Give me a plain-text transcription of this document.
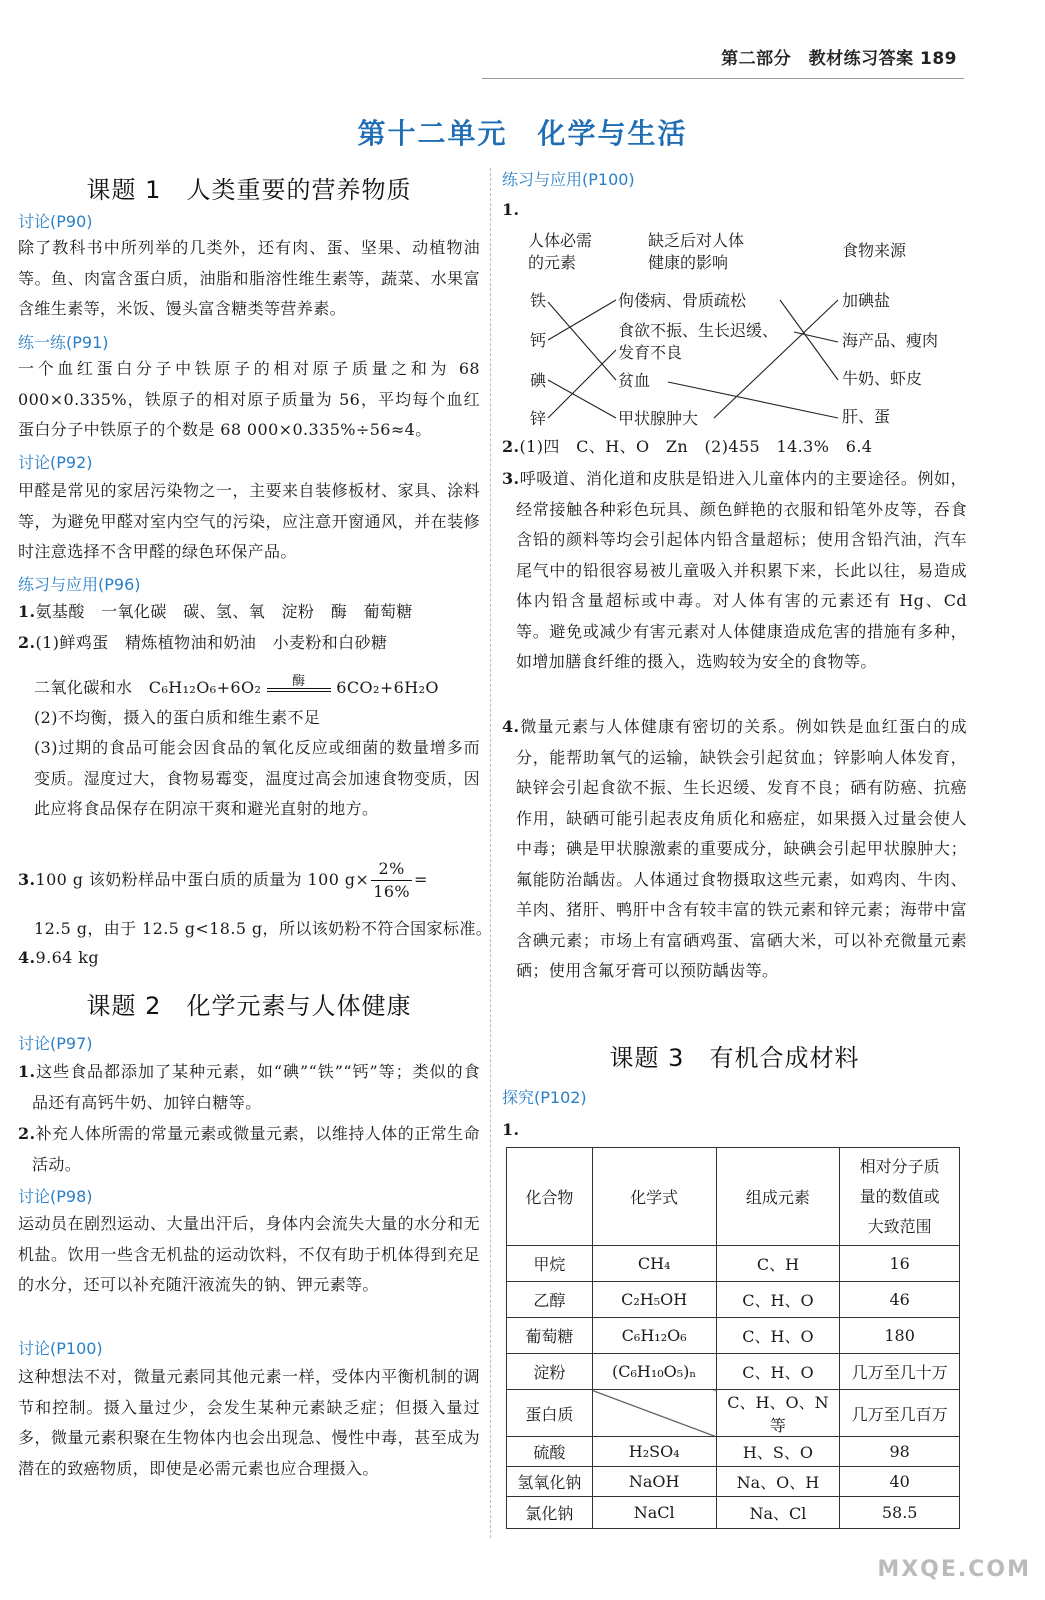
第二部分　教材练习答案 189
第十二单元　化学与生活
课题 1　人类重要的营养物质
讨论(P90)
除了教科书中所列举的几类外，还有肉、蛋、坚果、动植物油等。鱼、肉富含蛋白质，油脂和脂溶性维生素等，蔬菜、水果富含维生素等，米饭、馒头富含糖类等营养素。
练一练(P91)
一个血红蛋白分子中铁原子的相对原子质量之和为 68 000×0.335%，铁原子的相对原子质量为 56，平均每个血红蛋白分子中铁原子的个数是 68 000×0.335%÷56≈4。
讨论(P92)
甲醛是常见的家居污染物之一，主要来自装修板材、家具、涂料等，为避免甲醛对室内空气的污染，应注意开窗通风，并在装修时注意选择不含甲醛的绿色环保产品。
练习与应用(P96)
1.氨基酸　一氧化碳　碳、氢、氧　淀粉　酶　葡萄糖
2.(1)鲜鸡蛋　精炼植物油和奶油　小麦粉和白砂糖
二氧化碳和水　C₆H₁₂O₆+6O₂	酶	6CO₂+6H₂O
(2)不均衡，摄入的蛋白质和维生素不足
(3)过期的食品可能会因食品的氧化反应或细菌的数量增多而变质。湿度过大，食物易霉变，温度过高会加速食物变质，因此应将食品保存在阴凉干爽和避光直射的地方。
3.100 g 该奶粉样品中蛋白质的质量为 100 $g\times \frac{2\%}{16\%}$ =
12.5 g，由于 12.5 g<18.5 g，所以该奶粉不符合国家标准。
4.9.64 kg
课题 2　化学元素与人体健康
讨论(P97)
1.这些食品都添加了某种元素，如“碘”“铁”“钙”等；类似的食品还有高钙牛奶、加锌白糖等。
2.补充人体所需的常量元素或微量元素，以维持人体的正常生命活动。
讨论(P98)
运动员在剧烈运动、大量出汗后，身体内会流失大量的水分和无机盐。饮用一些含无机盐的运动饮料，不仅有助于机体得到充足的水分，还可以补充随汗液流失的钠、钾元素等。
讨论(P100)
这种想法不对，微量元素同其他元素一样，受体内平衡机制的调节和控制。摄入量过少，会发生某种元素缺乏症；但摄入量过多，微量元素积聚在生物体内也会出现急、慢性中毒，甚至成为潜在的致癌物质，即使是必需元素也应合理摄入。
练习与应用(P100)
1.
人体必需
的元素
缺乏后对人体
健康的影响
食物来源
铁
钙
碘
锌
佝偻病、骨质疏松
食欲不振、生长迟缓、
发育不良
贫血
甲状腺肿大
加碘盐
海产品、瘦肉
牛奶、虾皮
肝、蛋
2.(1)四　C、H、O　Zn　(2)455　14.3%　6.4
3.呼吸道、消化道和皮肤是铅进入儿童体内的主要途径。例如，经常接触各种彩色玩具、颜色鲜艳的衣服和铅笔外皮等，吞食含铅的颜料等均会引起体内铅含量超标；使用含铅汽油，汽车尾气中的铅很容易被儿童吸入并积累下来，长此以往，易造成体内铅含量超标或中毒。对人体有害的元素还有 Hg、Cd 等。避免或减少有害元素对人体健康造成危害的措施有多种，如增加膳食纤维的摄入，选购较为安全的食物等。
4.微量元素与人体健康有密切的关系。例如铁是血红蛋白的成分，能帮助氧气的运输，缺铁会引起贫血；锌影响人体发育，缺锌会引起食欲不振、生长迟缓、发育不良；硒有防癌、抗癌作用，缺硒可能引起表皮角质化和癌症，如果摄入过量会使人中毒；碘是甲状腺激素的重要成分，缺碘会引起甲状腺肿大；氟能防治龋齿。人体通过食物摄取这些元素，如鸡肉、牛肉、羊肉、猪肝、鸭肝中含有较丰富的铁元素和锌元素；海带中富含碘元素；市场上有富硒鸡蛋、富硒大米，可以补充微量元素硒；使用含氟牙膏可以预防龋齿等。
课题 3　有机合成材料
探究(P102)
1.
化合物	化学式	组成元素	相对分子质
量的数值或
大致范围
甲烷	CH₄	C、H	16
乙醇	C₂H₅OH	C、H、O	46
葡萄糖	C₆H₁₂O₆	C、H、O	180
淀粉	(C₆H₁₀O₅)ₙ	C、H、O	几万至几十万
蛋白质		C、H、O、N 等	几万至几百万
硫酸	H₂SO₄	H、S、O	98
氢氧化钠	NaOH	Na、O、H	40
氯化钠	NaCl	Na、Cl	58.5
MXQE.COM
